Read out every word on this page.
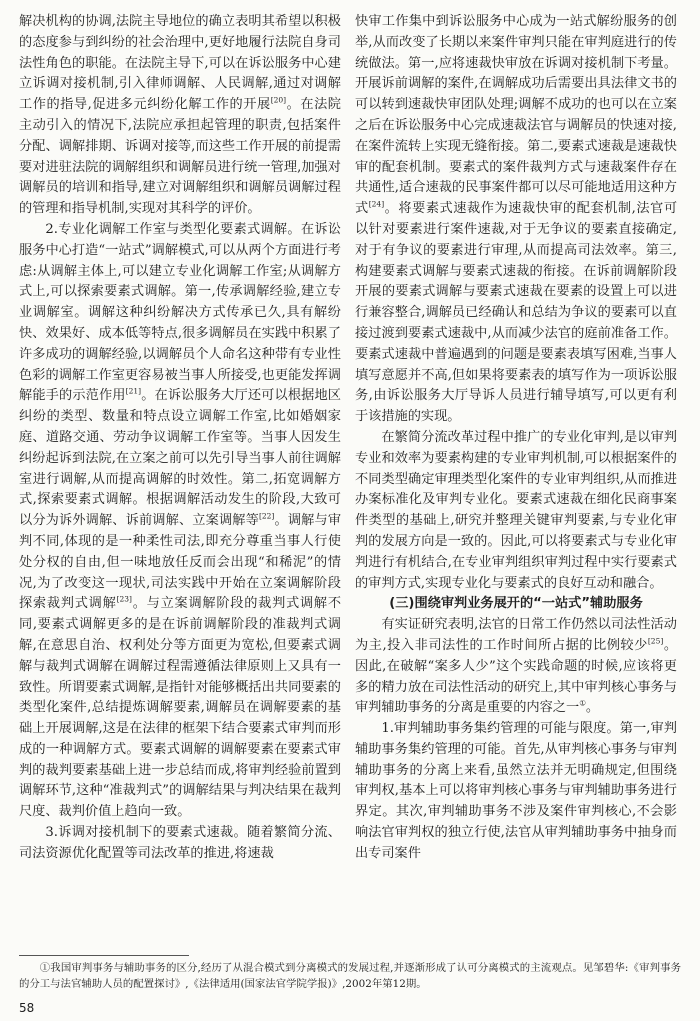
解决机构的协调,法院主导地位的确立表明其希望以积极的态度参与到纠纷的社会治理中,更好地履行法院自身司法性角色的职能。在法院主导下,可以在诉讼服务中心建立诉调对接机制,引入律师调解、人民调解,通过对调解工作的指导,促进多元纠纷化解工作的开展[20]。在法院主动引入的情况下,法院应承担起管理的职责,包括案件分配、调解排期、诉调对接等,而这些工作开展的前提需要对进驻法院的调解组织和调解员进行统一管理,加强对调解员的培训和指导,建立对调解组织和调解员调解过程的管理和指导机制,实现对其科学的评价。

2.专业化调解工作室与类型化要素式调解。在诉讼服务中心打造“一站式”调解模式,可以从两个方面进行考虑:从调解主体上,可以建立专业化调解工作室;从调解方式上,可以探索要素式调解。第一,传承调解经验,建立专业调解室。调解这种纠纷解决方式传承已久,具有解纷快、效果好、成本低等特点,很多调解员在实践中积累了许多成功的调解经验,以调解员个人命名这种带有专业性色彩的调解工作室更容易被当事人所接受,也更能发挥调解能手的示范作用[21]。在诉讼服务大厅还可以根据地区纠纷的类型、数量和特点设立调解工作室,比如婚姻家庭、道路交通、劳动争议调解工作室等。当事人因发生纠纷起诉到法院,在立案之前可以先引导当事人前往调解室进行调解,从而提高调解的时效性。第二,拓宽调解方式,探索要素式调解。根据调解活动发生的阶段,大致可以分为诉外调解、诉前调解、立案调解等[22]。调解与审判不同,体现的是一种柔性司法,即充分尊重当事人行使处分权的自由,但一味地放任反而会出现“和稀泥”的情况,为了改变这一现状,司法实践中开始在立案调解阶段探索裁判式调解[23]。与立案调解阶段的裁判式调解不同,要素式调解更多的是在诉前调解阶段的准裁判式调解,在意思自治、权利处分等方面更为宽松,但要素式调解与裁判式调解在调解过程需遵循法律原则上又具有一致性。所谓要素式调解,是指针对能够概括出共同要素的类型化案件,总结提炼调解要素,调解员在调解要素的基础上开展调解,这是在法律的框架下结合要素式审判而形成的一种调解方式。要素式调解的调解要素在要素式审判的裁判要素基础上进一步总结而成,将审判经验前置到调解环节,这种“准裁判式”的调解结果与判决结果在裁判尺度、裁判价值上趋向一致。

3.诉调对接机制下的要素式速裁。随着繁简分流、司法资源优化配置等司法改革的推进,将速裁

快审工作集中到诉讼服务中心成为一站式解纷服务的创举,从而改变了长期以来案件审判只能在审判庭进行的传统做法。第一,应将速裁快审放在诉调对接机制下考量。开展诉前调解的案件,在调解成功后需要出具法律文书的可以转到速裁快审团队处理;调解不成功的也可以在立案之后在诉讼服务中心完成速裁法官与调解员的快速对接,在案件流转上实现无缝衔接。第二,要素式速裁是速裁快审的配套机制。要素式的案件裁判方式与速裁案件存在共通性,适合速裁的民事案件都可以尽可能地适用这种方式[24]。将要素式速裁作为速裁快审的配套机制,法官可以针对要素进行案件速裁,对于无争议的要素直接确定,对于有争议的要素进行审理,从而提高司法效率。第三,构建要素式调解与要素式速裁的衔接。在诉前调解阶段开展的要素式调解与要素式速裁在要素的设置上可以进行兼容整合,调解员已经确认和总结为争议的要素可以直接过渡到要素式速裁中,从而减少法官的庭前准备工作。要素式速裁中普遍遇到的问题是要素表填写困难,当事人填写意愿并不高,但如果将要素表的填写作为一项诉讼服务,由诉讼服务大厅导诉人员进行辅导填写,可以更有利于该措施的实现。

在繁简分流改革过程中推广的专业化审判,是以审判专业和效率为要素构建的专业审判机制,可以根据案件的不同类型确定审理类型化案件的专业审判组织,从而推进办案标准化及审判专业化。要素式速裁在细化民商事案件类型的基础上,研究并整理关键审判要素,与专业化审判的发展方向是一致的。因此,可以将要素式与专业化审判进行有机结合,在专业审判组织审判过程中实行要素式的审判方式,实现专业化与要素式的良好互动和融合。

(三)围绕审判业务展开的“一站式”辅助服务

有实证研究表明,法官的日常工作仍然以司法性活动为主,投入非司法性的工作时间所占据的比例较少[25]。因此,在破解“案多人少”这个实践命题的时候,应该将更多的精力放在司法性活动的研究上,其中审判核心事务与审判辅助事务的分离是重要的内容之一①。

1.审判辅助事务集约管理的可能与限度。第一,审判辅助事务集约管理的可能。首先,从审判核心事务与审判辅助事务的分离上来看,虽然立法并无明确规定,但围绕审判权,基本上可以将审判核心事务与审判辅助事务进行界定。其次,审判辅助事务不涉及案件审判核心,不会影响法官审判权的独立行使,法官从审判辅助事务中抽身而出专司案件

①我国审判事务与辅助事务的区分,经历了从混合模式到分离模式的发展过程,并逐渐形成了认可分离模式的主流观点。见邹碧华:《审判事务的分工与法官辅助人员的配置探讨》,《法律适用(国家法官学院学报)》,2002年第12期。
58
